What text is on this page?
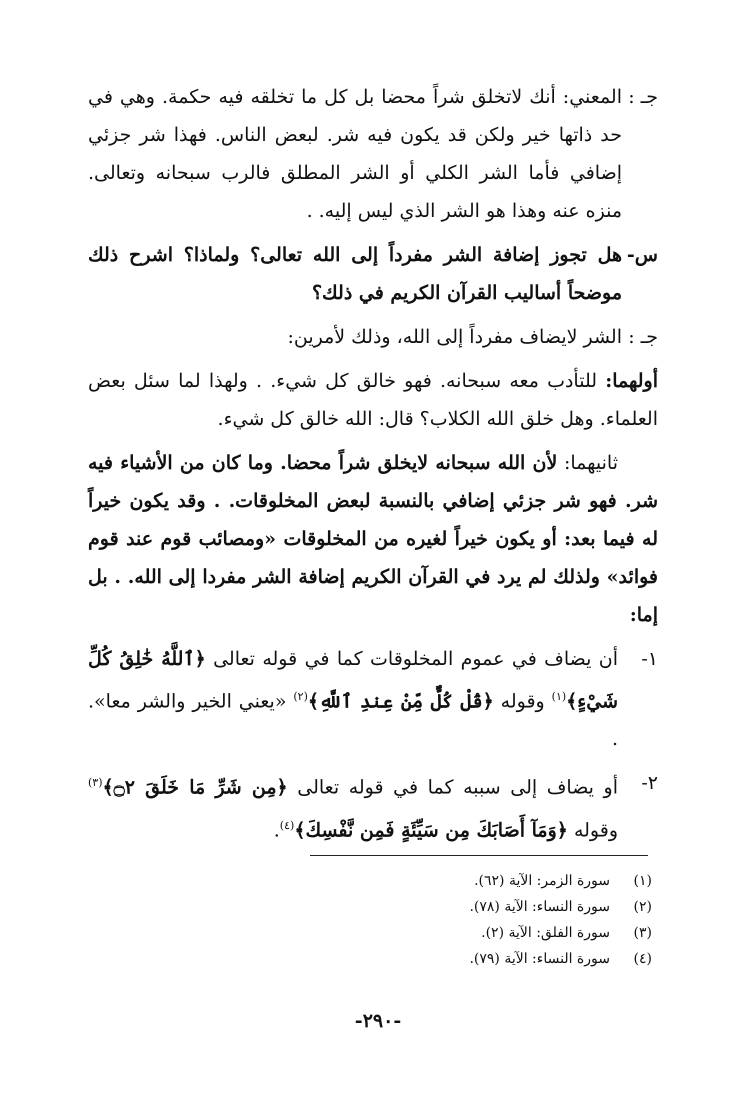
جـ :
المعني: أنك لاتخلق شراً محضا بل كل ما تخلقه فيه حكمة. وهي في حد ذاتها خير ولكن قد يكون فيه شر. لبعض الناس. فهذا شر جزئي إضافي فأما الشر الكلي أو الشر المطلق فالرب سبحانه وتعالى. منزه عنه وهذا هو الشر الذي ليس إليه. .

س-
هل تجوز إضافة الشر مفرداً إلى الله تعالى؟ ولماذا؟ اشرح ذلك موضحاً أساليب القرآن الكريم في ذلك؟

جـ :
الشر لايضاف مفرداً إلى الله، وذلك لأمرين:

أولهما: للتأدب معه سبحانه. فهو خالق كل شيء. . ولهذا لما سئل بعض العلماء. وهل خلق الله الكلاب؟ قال: الله خالق كل شيء.

ثانيهما: لأن الله سبحانه لايخلق شراً محضا. وما كان من الأشياء فيه شر. فهو شر جزئي إضافي بالنسبة لبعض المخلوقات. . وقد يكون خيراً له فيما بعد: أو يكون خيراً لغيره من المخلوقات «ومصائب قوم عند قوم فوائد» ولذلك لم يرد في القرآن الكريم إضافة الشر مفردا إلى الله. . بل إما:

١-
أن يضاف في عموم المخلوقات كما في قوله تعالى ﴿ٱللَّهُ خَٰلِقُ كُلِّ شَيْءٍ﴾$^{(١)}$ وقوله ﴿قُلْ كُلٌّ مِّنْ عِندِ ٱللَّهِ﴾$^{(٢)}$ «يعني الخير والشر معا». .

٢-
أو يضاف إلى سببه كما في قوله تعالى ﴿مِن شَرِّ مَا خَلَقَ ۝٢﴾$^{(٣)}$ وقوله ﴿وَمَآ أَصَابَكَ مِن سَيِّئَةٍ فَمِن نَّفْسِكَ﴾$^{(٤)}$.

(١)
سورة الزمر: الآية (٦٢).
(٢)
سورة النساء: الآية (٧٨).
(٣)
سورة الفلق: الآية (٢).
(٤)
سورة النساء: الآية (٧٩).
-٢٩٠-
